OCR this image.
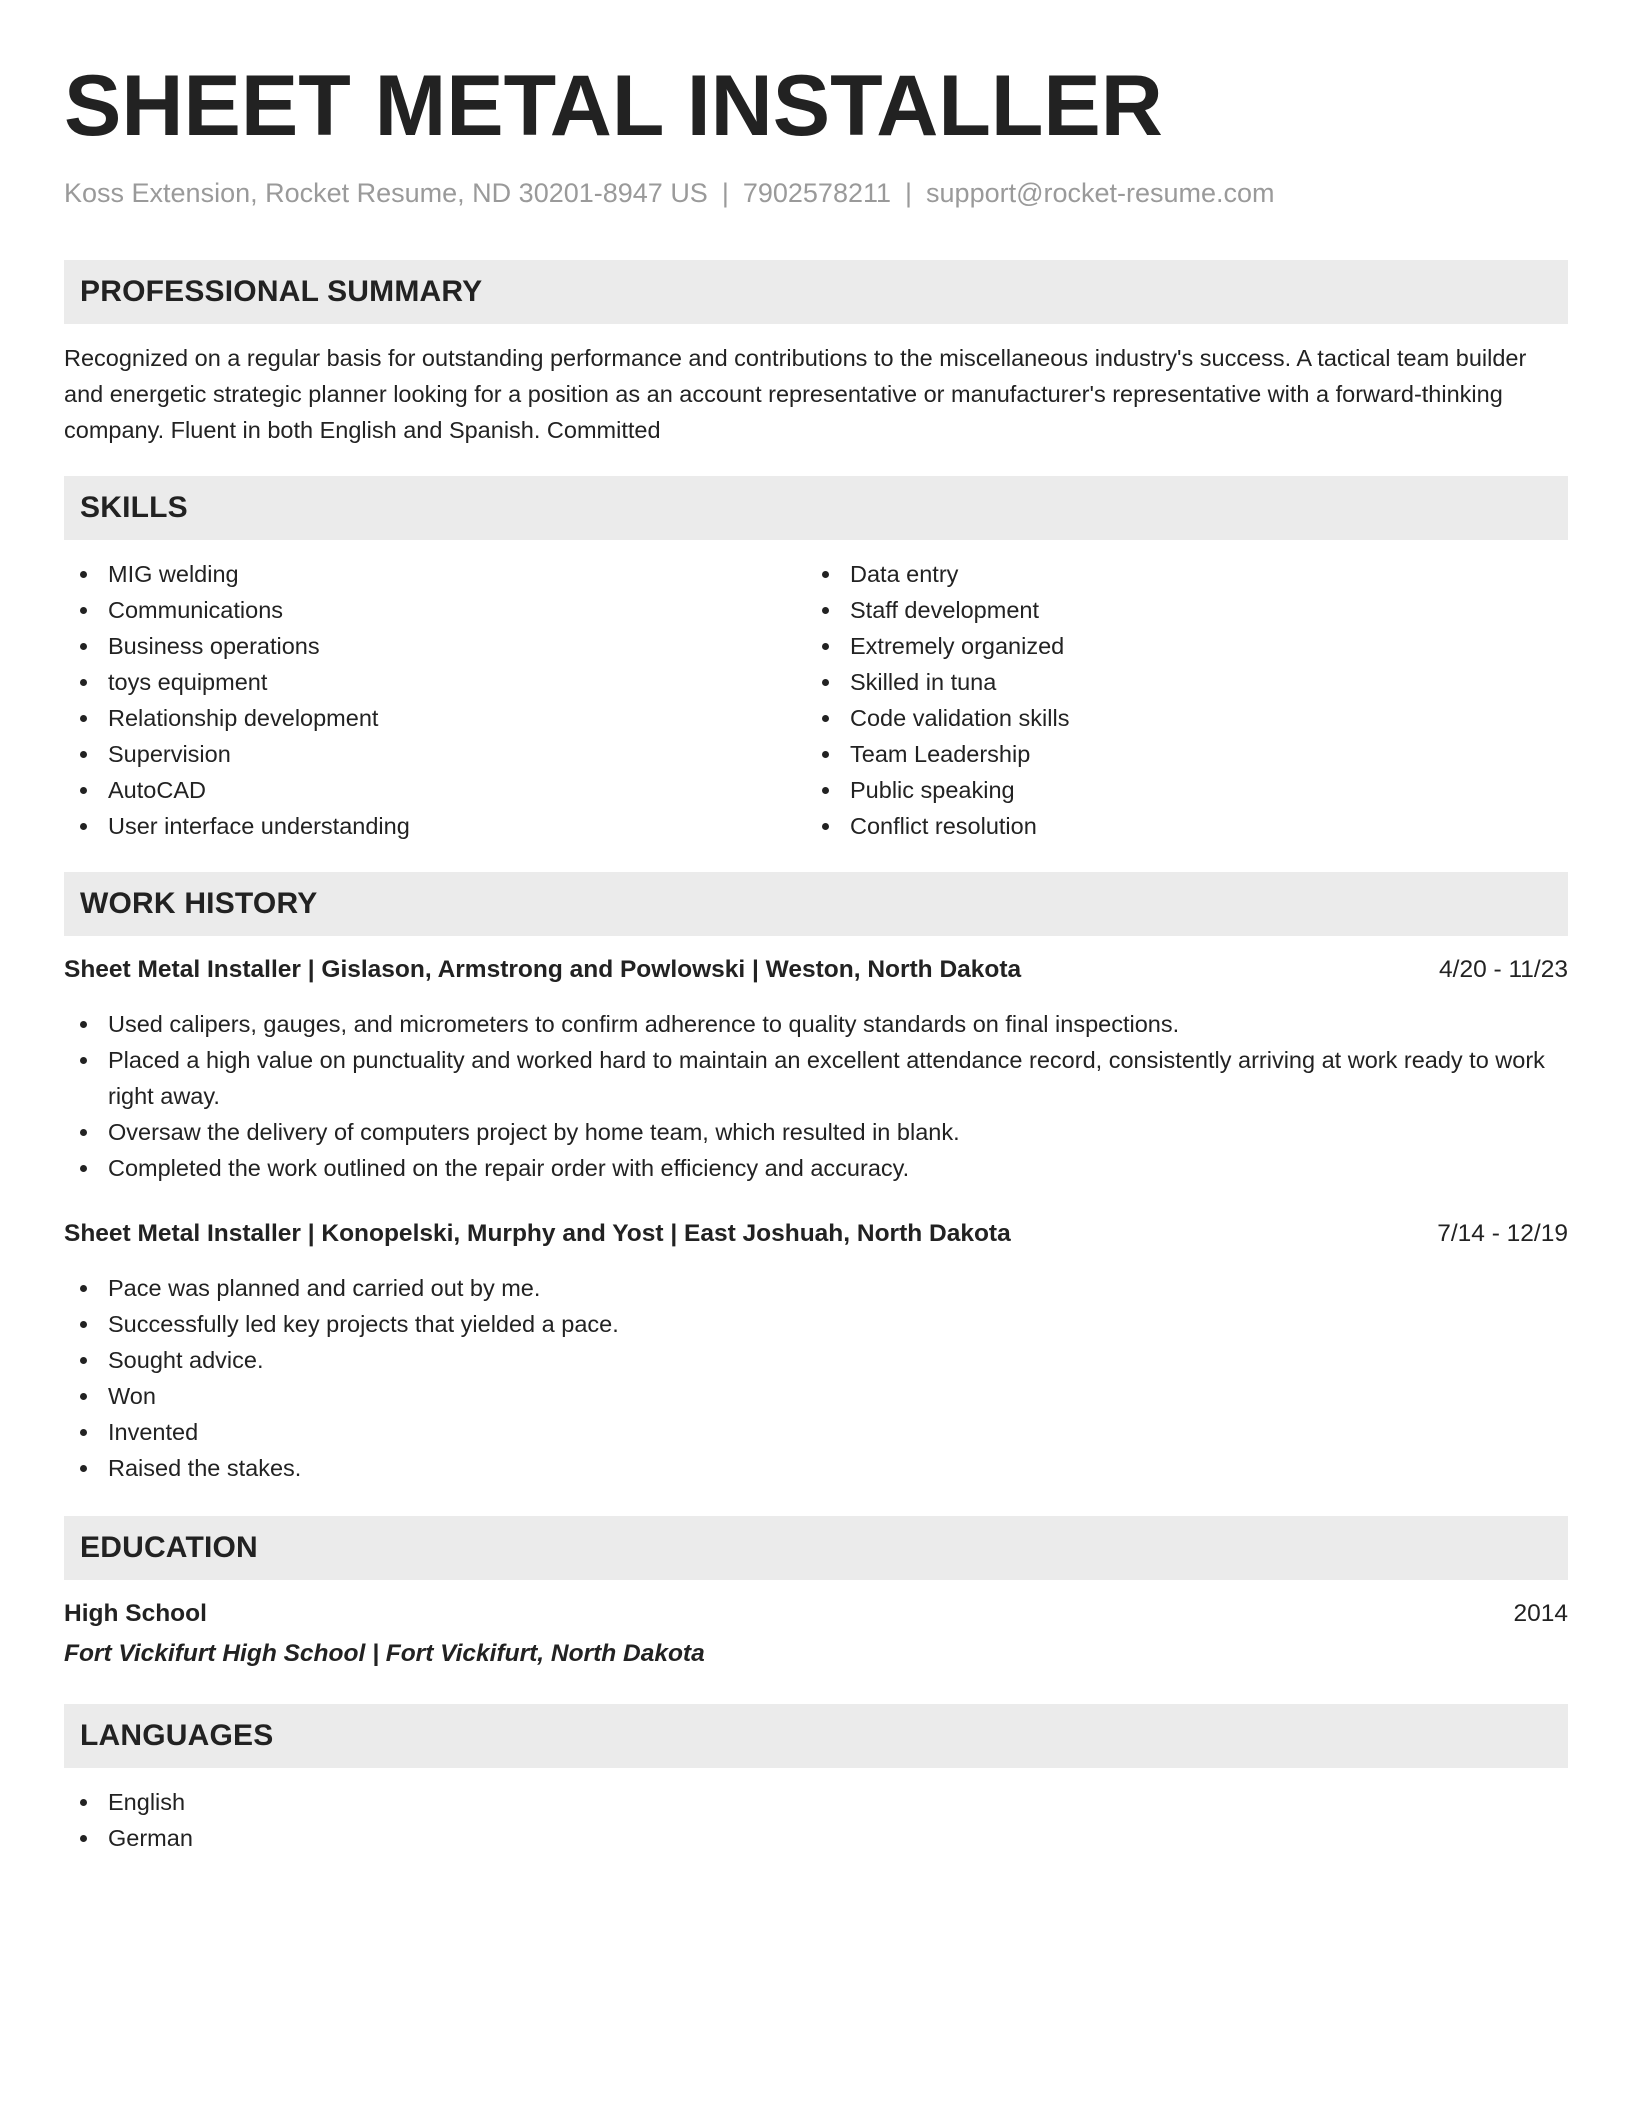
SHEET METAL INSTALLER
Koss Extension, Rocket Resume, ND 30201-8947 US | 7902578211 | support@rocket-resume.com
PROFESSIONAL SUMMARY
Recognized on a regular basis for outstanding performance and contributions to the miscellaneous industry's success. A tactical team builder and energetic strategic planner looking for a position as an account representative or manufacturer's representative with a forward-thinking company. Fluent in both English and Spanish. Committed
SKILLS
MIG welding
Communications
Business operations
toys equipment
Relationship development
Supervision
AutoCAD
User interface understanding
Data entry
Staff development
Extremely organized
Skilled in tuna
Code validation skills
Team Leadership
Public speaking
Conflict resolution
WORK HISTORY
Sheet Metal Installer | Gislason, Armstrong and Powlowski | Weston, North Dakota	4/20 - 11/23
Used calipers, gauges, and micrometers to confirm adherence to quality standards on final inspections.
Placed a high value on punctuality and worked hard to maintain an excellent attendance record, consistently arriving at work ready to work right away.
Oversaw the delivery of computers project by home team, which resulted in blank.
Completed the work outlined on the repair order with efficiency and accuracy.
Sheet Metal Installer | Konopelski, Murphy and Yost | East Joshuah, North Dakota	7/14 - 12/19
Pace was planned and carried out by me.
Successfully led key projects that yielded a pace.
Sought advice.
Won
Invented
Raised the stakes.
EDUCATION
High School	2014
Fort Vickifurt High School | Fort Vickifurt, North Dakota
LANGUAGES
English
German
